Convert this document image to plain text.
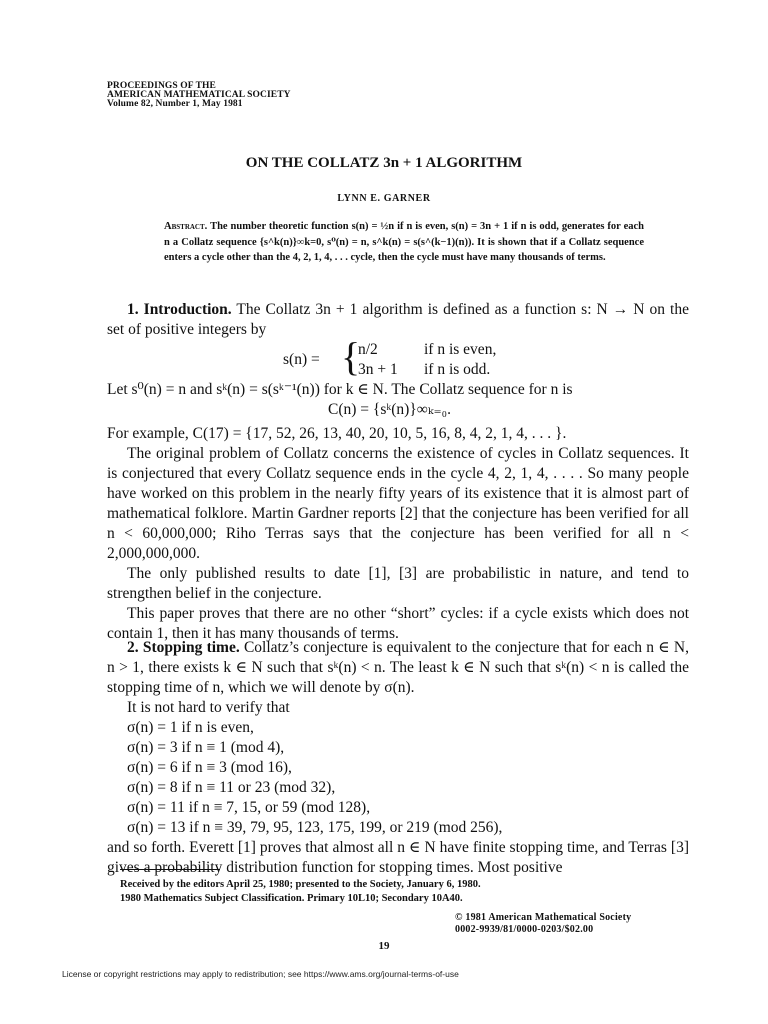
PROCEEDINGS OF THE
AMERICAN MATHEMATICAL SOCIETY
Volume 82, Number 1, May 1981
ON THE COLLATZ 3n + 1 ALGORITHM
LYNN E. GARNER
Abstract. The number theoretic function s(n) = ½n if n is even, s(n) = 3n + 1 if n is odd, generates for each n a Collatz sequence {s^k(n)}∞k=0, s⁰(n) = n, s^k(n) = s(s^(k−1)(n)). It is shown that if a Collatz sequence enters a cycle other than the 4, 2, 1, 4, . . . cycle, then the cycle must have many thousands of terms.

1. Introduction. The Collatz 3n + 1 algorithm is defined as a function s: N → N on the set of positive integers by

s(n) = {
n/2	if n is even,
3n + 1 if n is odd.
Let s⁰(n) = n and sᵏ(n) = s(sᵏ⁻¹(n)) for k ∈ N. The Collatz sequence for n is
C(n) = {sᵏ(n)}∞ₖ₌₀.
For example, C(17) = {17, 52, 26, 13, 40, 20, 10, 5, 16, 8, 4, 2, 1, 4, . . . }.

The original problem of Collatz concerns the existence of cycles in Collatz sequences. It is conjectured that every Collatz sequence ends in the cycle 4, 2, 1, 4, . . . . So many people have worked on this problem in the nearly fifty years of its existence that it is almost part of mathematical folklore. Martin Gardner reports [2] that the conjecture has been verified for all n < 60,000,000; Riho Terras says that the conjecture has been verified for all n < 2,000,000,000.

The only published results to date [1], [3] are probabilistic in nature, and tend to strengthen belief in the conjecture.

This paper proves that there are no other “short” cycles: if a cycle exists which does not contain 1, then it has many thousands of terms.

2. Stopping time. Collatz’s conjecture is equivalent to the conjecture that for each n ∈ N, n > 1, there exists k ∈ N such that sᵏ(n) < n. The least k ∈ N such that sᵏ(n) < n is called the stopping time of n, which we will denote by σ(n).

It is not hard to verify that

σ(n) = 1 if n is even,
σ(n) = 3 if n ≡ 1 (mod 4),
σ(n) = 6 if n ≡ 3 (mod 16),
σ(n) = 8 if n ≡ 11 or 23 (mod 32),
σ(n) = 11 if n ≡ 7, 15, or 59 (mod 128),
σ(n) = 13 if n ≡ 39, 79, 95, 123, 175, 199, or 219 (mod 256),

and so forth. Everett [1] proves that almost all n ∈ N have finite stopping time, and Terras [3] gives a probability distribution function for stopping times. Most positive

Received by the editors April 25, 1980; presented to the Society, January 6, 1980.
1980 Mathematics Subject Classification. Primary 10L10; Secondary 10A40.
© 1981 American Mathematical Society
0002-9939/81/0000-0203/$02.00
19
License or copyright restrictions may apply to redistribution; see https://www.ams.org/journal-terms-of-use
